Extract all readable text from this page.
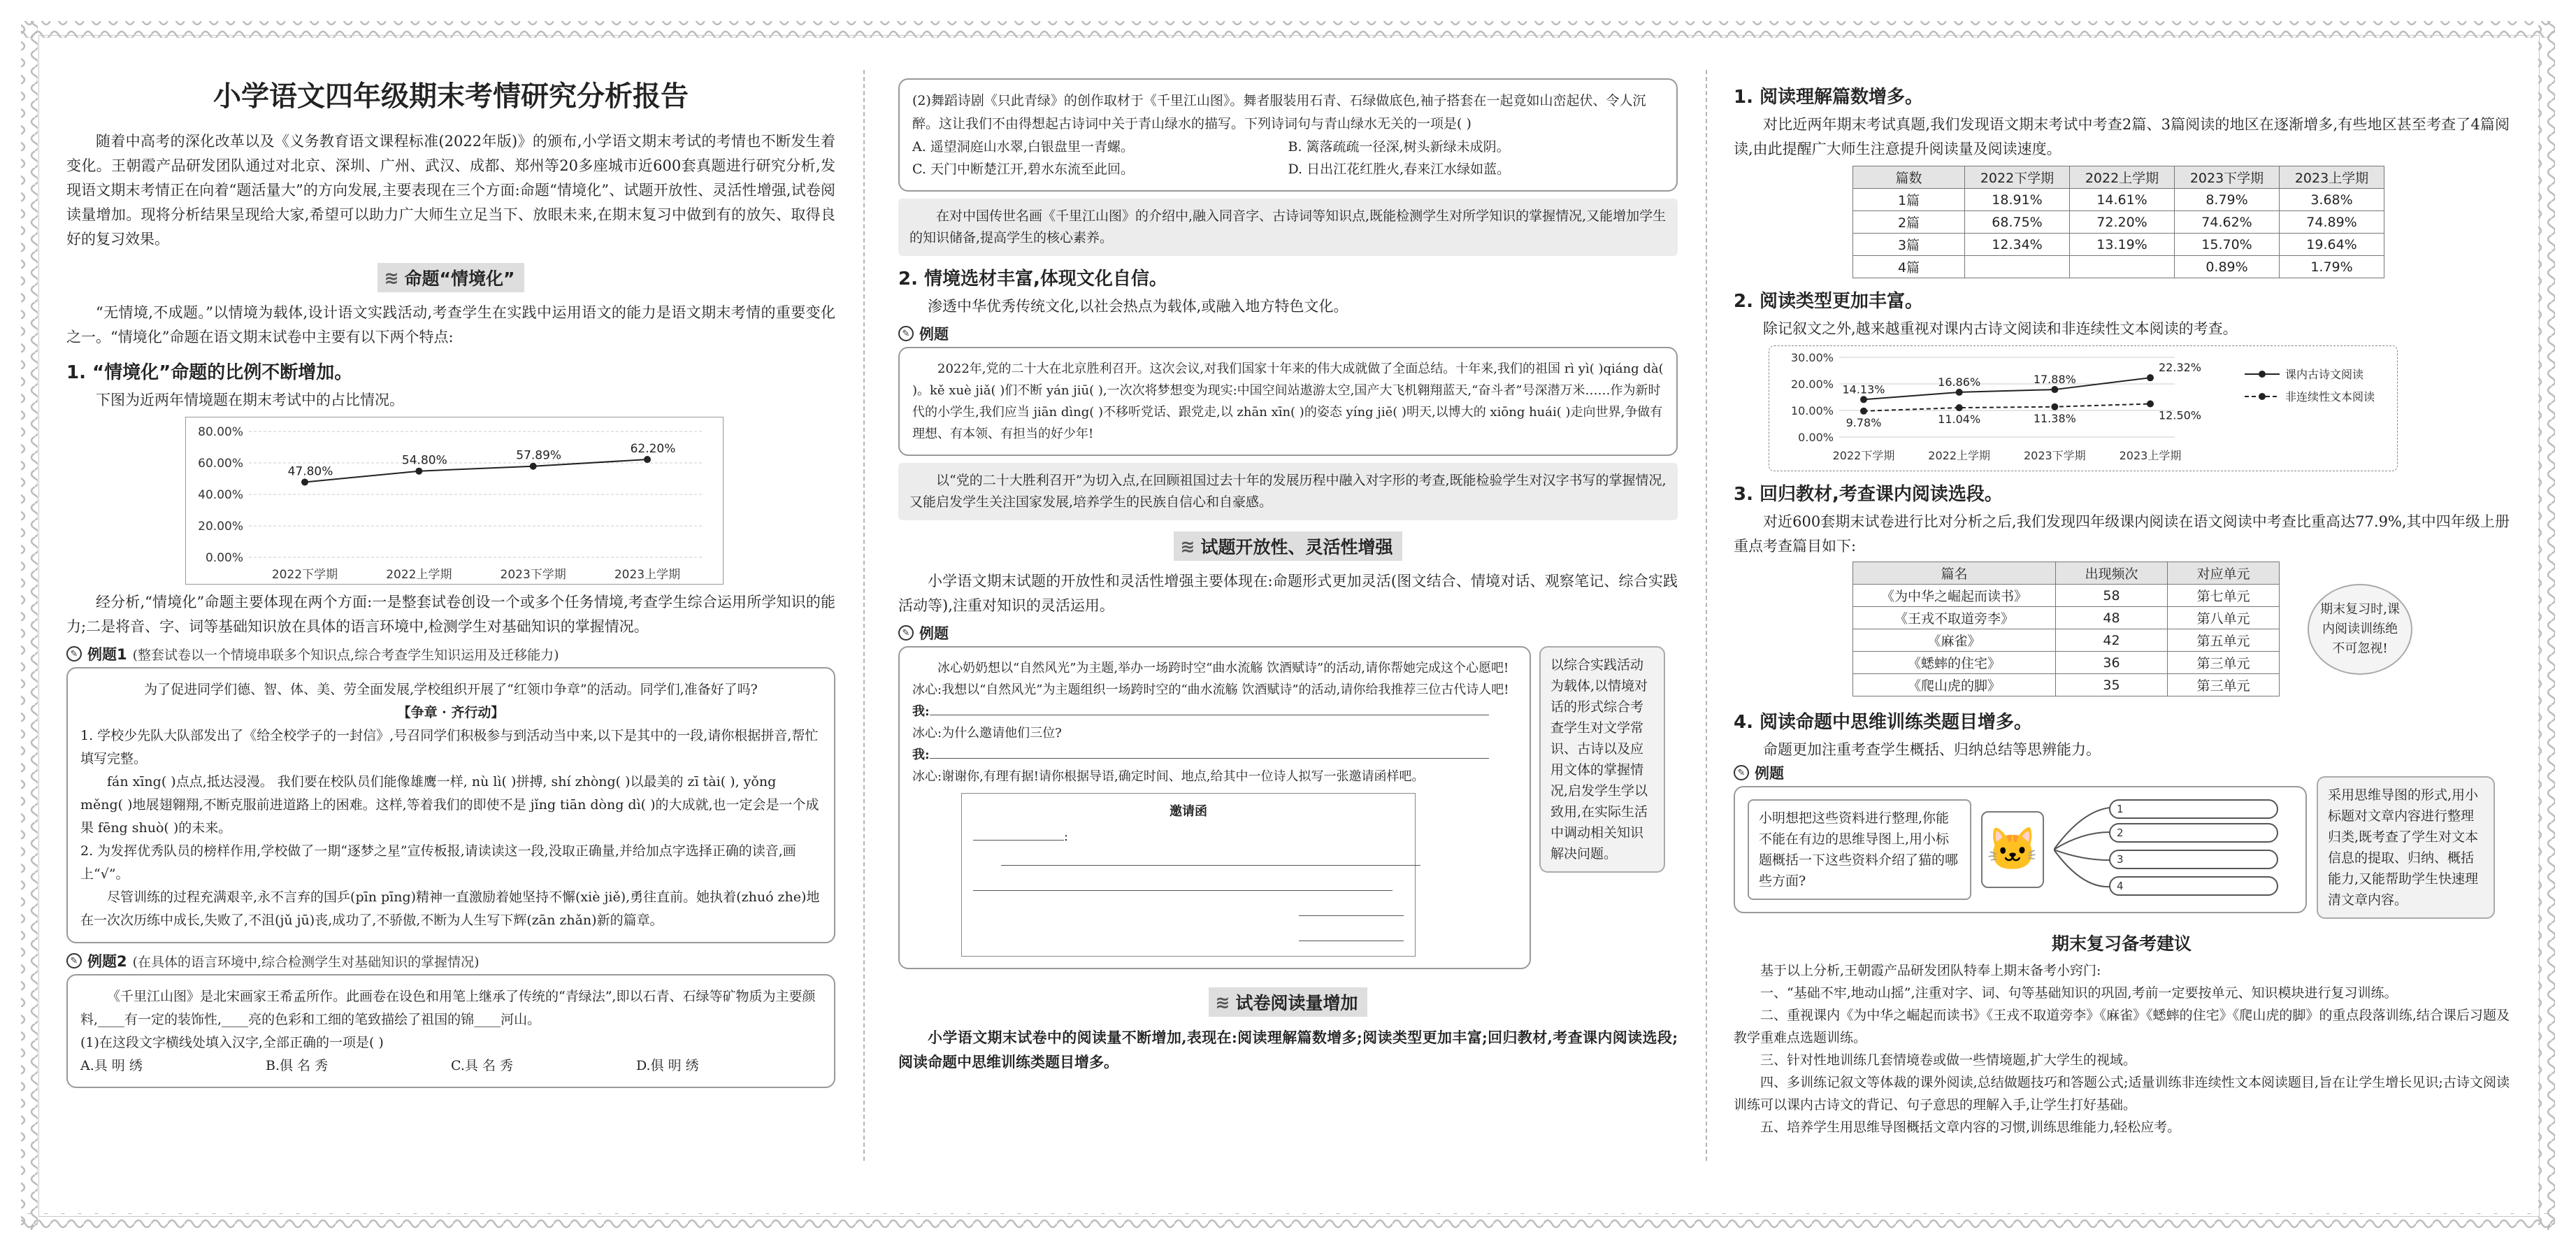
小学语文四年级期末考情研究分析报告

随着中高考的深化改革以及《义务教育语文课程标准(2022年版)》的颁布,小学语文期末考试的考情也不断发生着变化。王朝霞产品研发团队通过对北京、深圳、广州、武汉、成都、郑州等20多座城市近600套真题进行研究分析,发现语文期末考情正在向着“题活量大”的方向发展,主要表现在三个方面:命题“情境化”、试题开放性、灵活性增强,试卷阅读量增加。现将分析结果呈现给大家,希望可以助力广大师生立足当下、放眼未来,在期末复习中做到有的放矢、取得良好的复习效果。

≋ 命题“情境化”

“无情境,不成题。”以情境为载体,设计语文实践活动,考查学生在实践中运用语文的能力是语文期末考情的重要变化之一。“情境化”命题在语文期末试卷中主要有以下两个特点:

1. “情境化”命题的比例不断增加。

下图为近两年情境题在期末考试中的占比情况。

80.00%
60.00%
40.00%
20.00%
0.00%
2022下学期	2022上学期	2023下学期	2023上学期
47.80%
54.80%	57.89%	62.20%

经分析,“情境化”命题主要体现在两个方面:一是整套试卷创设一个或多个任务情境,考查学生综合运用所学知识的能力;二是将音、字、词等基础知识放在具体的语言环境中,检测学生对基础知识的掌握情况。

✎ 例题1 (整套试卷以一个情境串联多个知识点,综合考查学生知识运用及迁移能力)
为了促进同学们德、智、体、美、劳全面发展,学校组织开展了“红领巾争章”的活动。同学们,准备好了吗?
【争章 · 齐行动】
1. 学校少先队大队部发出了《给全校学子的一封信》,号召同学们积极参与到活动当中来,以下是其中的一段,请你根据拼音,帮忙填写完整。
fán xīng( )点点,抵达浸漫。 我们要在校队员们能像雄鹰一样, nù lì( )拼搏, shí zhòng( )以最美的 zī tài( ), yǒng měng( )地展翅翱翔,不断克服前进道路上的困难。这样,等着我们的即使不是 jǐng tiān dòng dì( )的大成就,也一定会是一个成果 fēng shuò( )的未来。
2. 为发挥优秀队员的榜样作用,学校做了一期“逐梦之星”宣传板报,请读读这一段,没取正确量,并给加点字选择正确的读音,画上“√”。
尽管训练的过程充满艰辛,永不言弃的国乒(pīn pīng)精神一直激励着她坚持不懈(xiè jiě),勇往直前。她执着(zhuó zhe)地在一次次历练中成长,失败了,不沮(jǔ jū)丧,成功了,不骄傲,不断为人生写下辉(zān zhǎn)新的篇章。
✎ 例题2 (在具体的语言环境中,综合检测学生对基础知识的掌握情况)
《千里江山图》是北宋画家王希孟所作。此画卷在设色和用笔上继承了传统的“青绿法”,即以石青、石绿等矿物质为主要颜料,____有一定的装饰性,____亮的色彩和工细的笔致描绘了祖国的锦____河山。
(1)在这段文字横线处填入汉字,全部正确的一项是( )
A.具 明 绣	B.俱 名 秀	C.具 名 秀	D.俱 明 绣
(2)舞蹈诗剧《只此青绿》的创作取材于《千里江山图》。舞者服装用石青、石绿做底色,袖子搭套在一起竟如山峦起伏、令人沉醉。这让我们不由得想起古诗词中关于青山绿水的描写。下列诗词句与青山绿水无关的一项是( )
A. 遥望洞庭山水翠,白银盘里一青螺。	B. 篱落疏疏一径深,树头新绿未成阴。
C. 天门中断楚江开,碧水东流至此回。	D. 日出江花红胜火,春来江水绿如蓝。
在对中国传世名画《千里江山图》的介绍中,融入同音字、古诗词等知识点,既能检测学生对所学知识的掌握情况,又能增加学生的知识储备,提高学生的核心素养。
2. 情境选材丰富,体现文化自信。

渗透中华优秀传统文化,以社会热点为载体,或融入地方特色文化。

✎ 例题
2022年,党的二十大在北京胜利召开。这次会议,对我们国家十年来的伟大成就做了全面总结。十年来,我们的祖国 rì yì( )qiáng dà( )。kě xuè jiǎ( )们不断 yán jiū( ),一次次将梦想变为现实:中国空间站遨游太空,国产大飞机翱翔蓝天,“奋斗者”号深潜万米……作为新时代的小学生,我们应当 jiān dìng( )不移听党话、跟党走,以 zhān xīn( )的姿态 yíng jiē( )明天,以博大的 xiōng huái( )走向世界,争做有理想、有本领、有担当的好少年!
以“党的二十大胜利召开”为切入点,在回顾祖国过去十年的发展历程中融入对字形的考查,既能检验学生对汉字书写的掌握情况,又能启发学生关注国家发展,培养学生的民族自信心和自豪感。
≋ 试题开放性、灵活性增强

小学语文期末试题的开放性和灵活性增强主要体现在:命题形式更加灵活(图文结合、情境对话、观察笔记、综合实践活动等),注重对知识的灵活运用。

✎ 例题
冰心奶奶想以“自然风光”为主题,举办一场跨时空“曲水流觞 饮酒赋诗”的活动,请你帮她完成这个心愿吧!
冰心:我想以“自然风光”为主题组织一场跨时空的“曲水流觞 饮酒赋诗”的活动,请你给我推荐三位古代诗人吧!
我:
冰心:为什么邀请他们三位?
我:
冰心:谢谢你,有理有据!请你根据导语,确定时间、地点,给其中一位诗人拟写一张邀请函样吧。
邀请函
:
以综合实践活动为载体,以情境对话的形式综合考查学生对文学常识、古诗以及应用文体的掌握情况,启发学生学以致用,在实际生活中调动相关知识解决问题。
≋ 试卷阅读量增加

小学语文期末试卷中的阅读量不断增加,表现在:阅读理解篇数增多;阅读类型更加丰富;回归教材,考查课内阅读选段;阅读命题中思维训练类题目增多。

1. 阅读理解篇数增多。

对比近两年期末考试真题,我们发现语文期末考试中考查2篇、3篇阅读的地区在逐渐增多,有些地区甚至考查了4篇阅读,由此提醒广大师生注意提升阅读量及阅读速度。

篇数	2022下学期	2022上学期	2023下学期	2023上学期
1篇	18.91%	14.61%	8.79%	3.68%
2篇	68.75%	72.20%	74.62%	74.89%
3篇	12.34%	13.19%	15.70%	19.64%
4篇			0.89%	1.79%
2. 阅读类型更加丰富。

除记叙文之外,越来越重视对课内古诗文阅读和非连续性文本阅读的考查。

30.00%
20.00%
10.00%
0.00%
2022下学期	2022上学期	2023下学期	2023上学期
14.13%
16.86%	17.88%
22.32%
课内古诗文阅读
9.78%	11.04%	11.38%	12.50%
非连续性文本阅读
3. 回归教材,考查课内阅读选段。

对近600套期末试卷进行比对分析之后,我们发现四年级课内阅读在语文阅读中考查比重高达77.9%,其中四年级上册重点考查篇目如下:

篇名	出现频次	对应单元
《为中华之崛起而读书》	58	第七单元
《王戎不取道旁李》	48	第八单元
《麻雀》	42	第五单元
《蟋蟀的住宅》	36	第三单元
《爬山虎的脚》	35	第三单元
期末复习时,课内阅读训练绝不可忽视!
4. 阅读命题中思维训练类题目增多。

命题更加注重考查学生概括、归纳总结等思辨能力。

✎ 例题
小明想把这些资料进行整理,你能不能在有边的思维导图上,用小标题概括一下这些资料介绍了猫的哪些方面?
🐱
1
2
3
4
采用思维导图的形式,用小标题对文章内容进行整理归类,既考查了学生对文本信息的提取、归纳、概括能力,又能帮助学生快速理清文章内容。
期末复习备考建议

基于以上分析,王朝霞产品研发团队特奉上期末备考小窍门:

一、“基础不牢,地动山摇”,注重对字、词、句等基础知识的巩固,考前一定要按单元、知识模块进行复习训练。

二、重视课内《为中华之崛起而读书》《王戎不取道旁李》《麻雀》《蟋蟀的住宅》《爬山虎的脚》的重点段落训练,结合课后习题及教学重难点选题训练。

三、针对性地训练几套情境卷或做一些情境题,扩大学生的视域。

四、多训练记叙文等体裁的课外阅读,总结做题技巧和答题公式;适量训练非连续性文本阅读题目,旨在让学生增长见识;古诗文阅读训练可以课内古诗文的背记、句子意思的理解入手,让学生打好基础。

五、培养学生用思维导图概括文章内容的习惯,训练思维能力,轻松应考。
